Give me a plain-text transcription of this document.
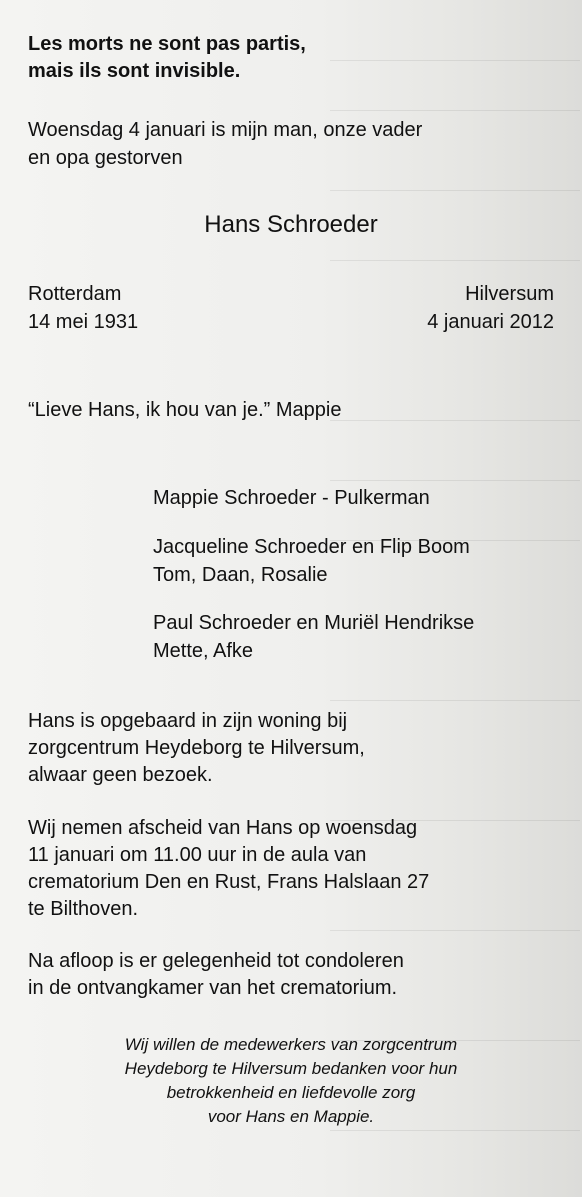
Les morts ne sont pas partis,
mais ils sont invisible.
Woensdag 4 januari is mijn man, onze vader
en opa gestorven
Hans Schroeder
Rotterdam
14 mei 1931
Hilversum
4 januari 2012
“Lieve Hans, ik hou van je.” Mappie
Mappie Schroeder - Pulkerman
Jacqueline Schroeder en Flip Boom
Tom, Daan, Rosalie
Paul Schroeder en Muriël Hendrikse
Mette, Afke
Hans is opgebaard in zijn woning bij
zorgcentrum Heydeborg te Hilversum,
alwaar geen bezoek.
Wij nemen afscheid van Hans op woensdag
11 januari om 11.00 uur in de aula van
crematorium Den en Rust, Frans Halslaan 27
te Bilthoven.
Na afloop is er gelegenheid tot condoleren
in de ontvangkamer van het crematorium.
Wij willen de medewerkers van zorgcentrum
Heydeborg te Hilversum bedanken voor hun
betrokkenheid en liefdevolle zorg
voor Hans en Mappie.
